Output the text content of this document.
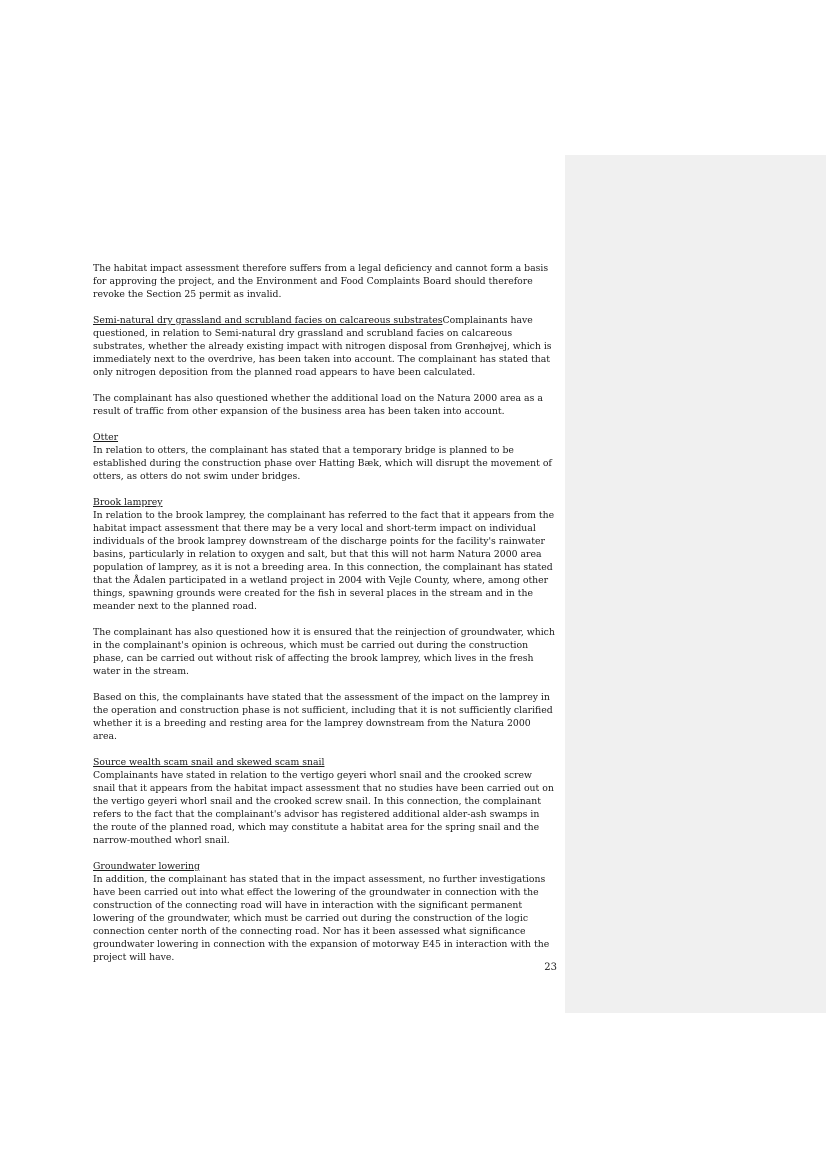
The habitat impact assessment therefore suffers from a legal deficiency and cannot form a basis for approving the project, and the Environment and Food Complaints Board should therefore revoke the Section 25 permit as invalid.

Semi-natural dry grassland and scrubland facies on calcareous substratesComplainants have questioned, in relation to Semi-natural dry grassland and scrubland facies on calcareous substrates, whether the already existing impact with nitrogen disposal from Grønhøjvej, which is immediately next to the overdrive, has been taken into account. The complainant has stated that only nitrogen deposition from the planned road appears to have been calculated.

The complainant has also questioned whether the additional load on the Natura 2000 area as a result of traffic from other expansion of the business area has been taken into account.

Otter
In relation to otters, the complainant has stated that a temporary bridge is planned to be established during the construction phase over Hatting Bæk, which will disrupt the movement of otters, as otters do not swim under bridges.

Brook lamprey
In relation to the brook lamprey, the complainant has referred to the fact that it appears from the habitat impact assessment that there may be a very local and short-term impact on individual individuals of the brook lamprey downstream of the discharge points for the facility's rainwater basins, particularly in relation to oxygen and salt, but that this will not harm Natura 2000 area population of lamprey, as it is not a breeding area. In this connection, the complainant has stated that the Ådalen participated in a wetland project in 2004 with Vejle County, where, among other things, spawning grounds were created for the fish in several places in the stream and in the meander next to the planned road.

The complainant has also questioned how it is ensured that the reinjection of groundwater, which in the complainant's opinion is ochreous, which must be carried out during the construction phase, can be carried out without risk of affecting the brook lamprey, which lives in the fresh water in the stream.

Based on this, the complainants have stated that the assessment of the impact on the lamprey in the operation and construction phase is not sufficient, including that it is not sufficiently clarified whether it is a breeding and resting area for the lamprey downstream from the Natura 2000 area.

Source wealth scam snail and skewed scam snail
Complainants have stated in relation to the vertigo geyeri whorl snail and the crooked screw snail that it appears from the habitat impact assessment that no studies have been carried out on the vertigo geyeri whorl snail and the crooked screw snail. In this connection, the complainant refers to the fact that the complainant's advisor has registered additional alder-ash swamps in the route of the planned road, which may constitute a habitat area for the spring snail and the narrow-mouthed whorl snail.

Groundwater lowering
In addition, the complainant has stated that in the impact assessment, no further investigations have been carried out into what effect the lowering of the groundwater in connection with the construction of the connecting road will have in interaction with the significant permanent lowering of the groundwater, which must be carried out during the construction of the logic connection center north of the connecting road. Nor has it been assessed what significance groundwater lowering in connection with the expansion of motorway E45 in interaction with the project will have.

23
